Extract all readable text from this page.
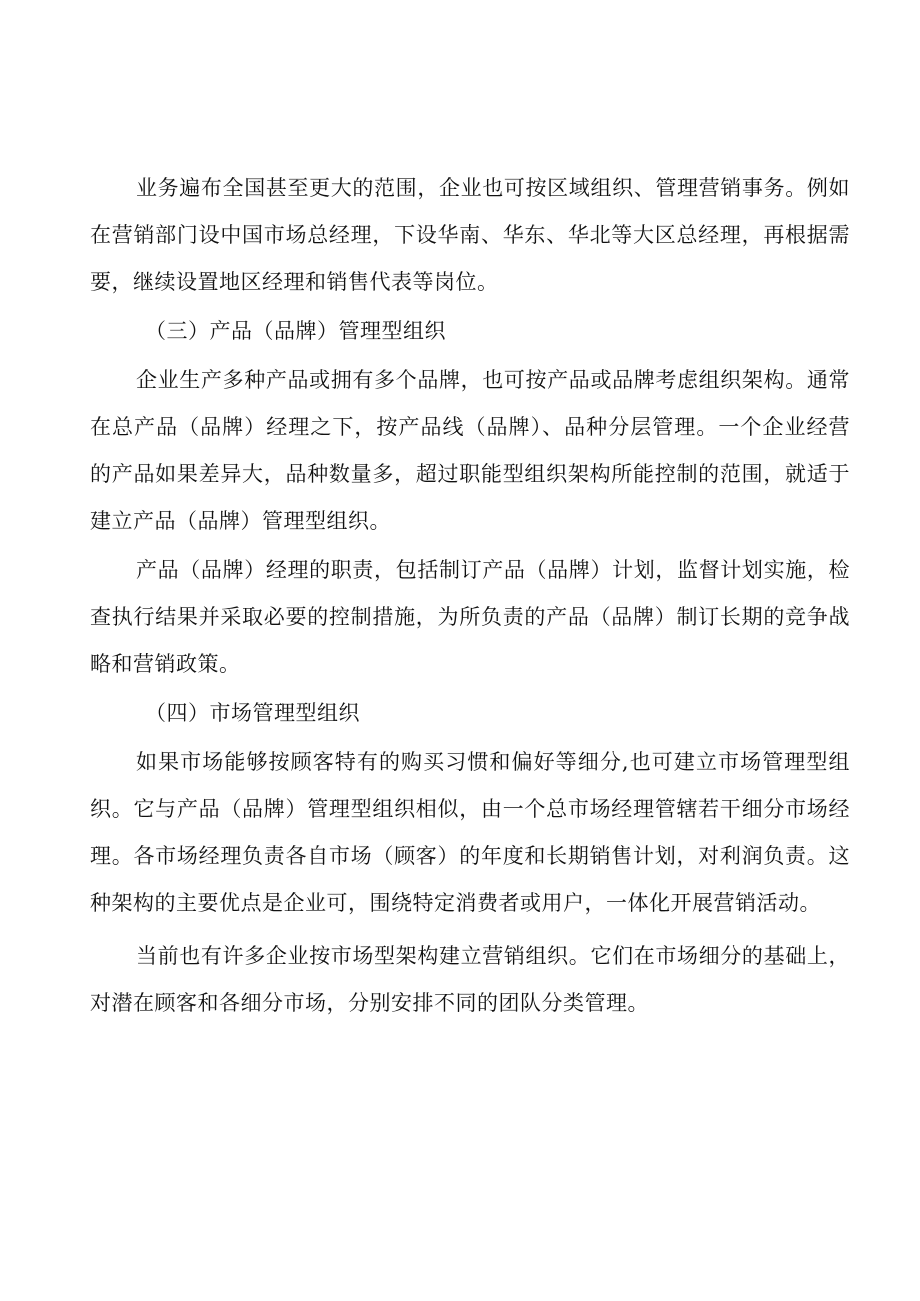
业务遍布全国甚至更大的范围，企业也可按区域组织、管理营销事务。例如在营销部门设中国市场总经理，下设华南、华东、华北等大区总经理，再根据需要，继续设置地区经理和销售代表等岗位。

（三）产品（品牌）管理型组织

企业生产多种产品或拥有多个品牌，也可按产品或品牌考虑组织架构。通常在总产品（品牌）经理之下，按产品线（品牌）、品种分层管理。一个企业经营的产品如果差异大，品种数量多，超过职能型组织架构所能控制的范围，就适于建立产品（品牌）管理型组织。

产品（品牌）经理的职责，包括制订产品（品牌）计划，监督计划实施，检查执行结果并采取必要的控制措施，为所负责的产品（品牌）制订长期的竞争战略和营销政策。

（四）市场管理型组织

如果市场能够按顾客特有的购买习惯和偏好等细分,也可建立市场管理型组织。它与产品（品牌）管理型组织相似，由一个总市场经理管辖若干细分市场经理。各市场经理负责各自市场（顾客）的年度和长期销售计划，对利润负责。这种架构的主要优点是企业可，围绕特定消费者或用户，一体化开展营销活动。

当前也有许多企业按市场型架构建立营销组织。它们在市场细分的基础上，对潜在顾客和各细分市场，分别安排不同的团队分类管理。
